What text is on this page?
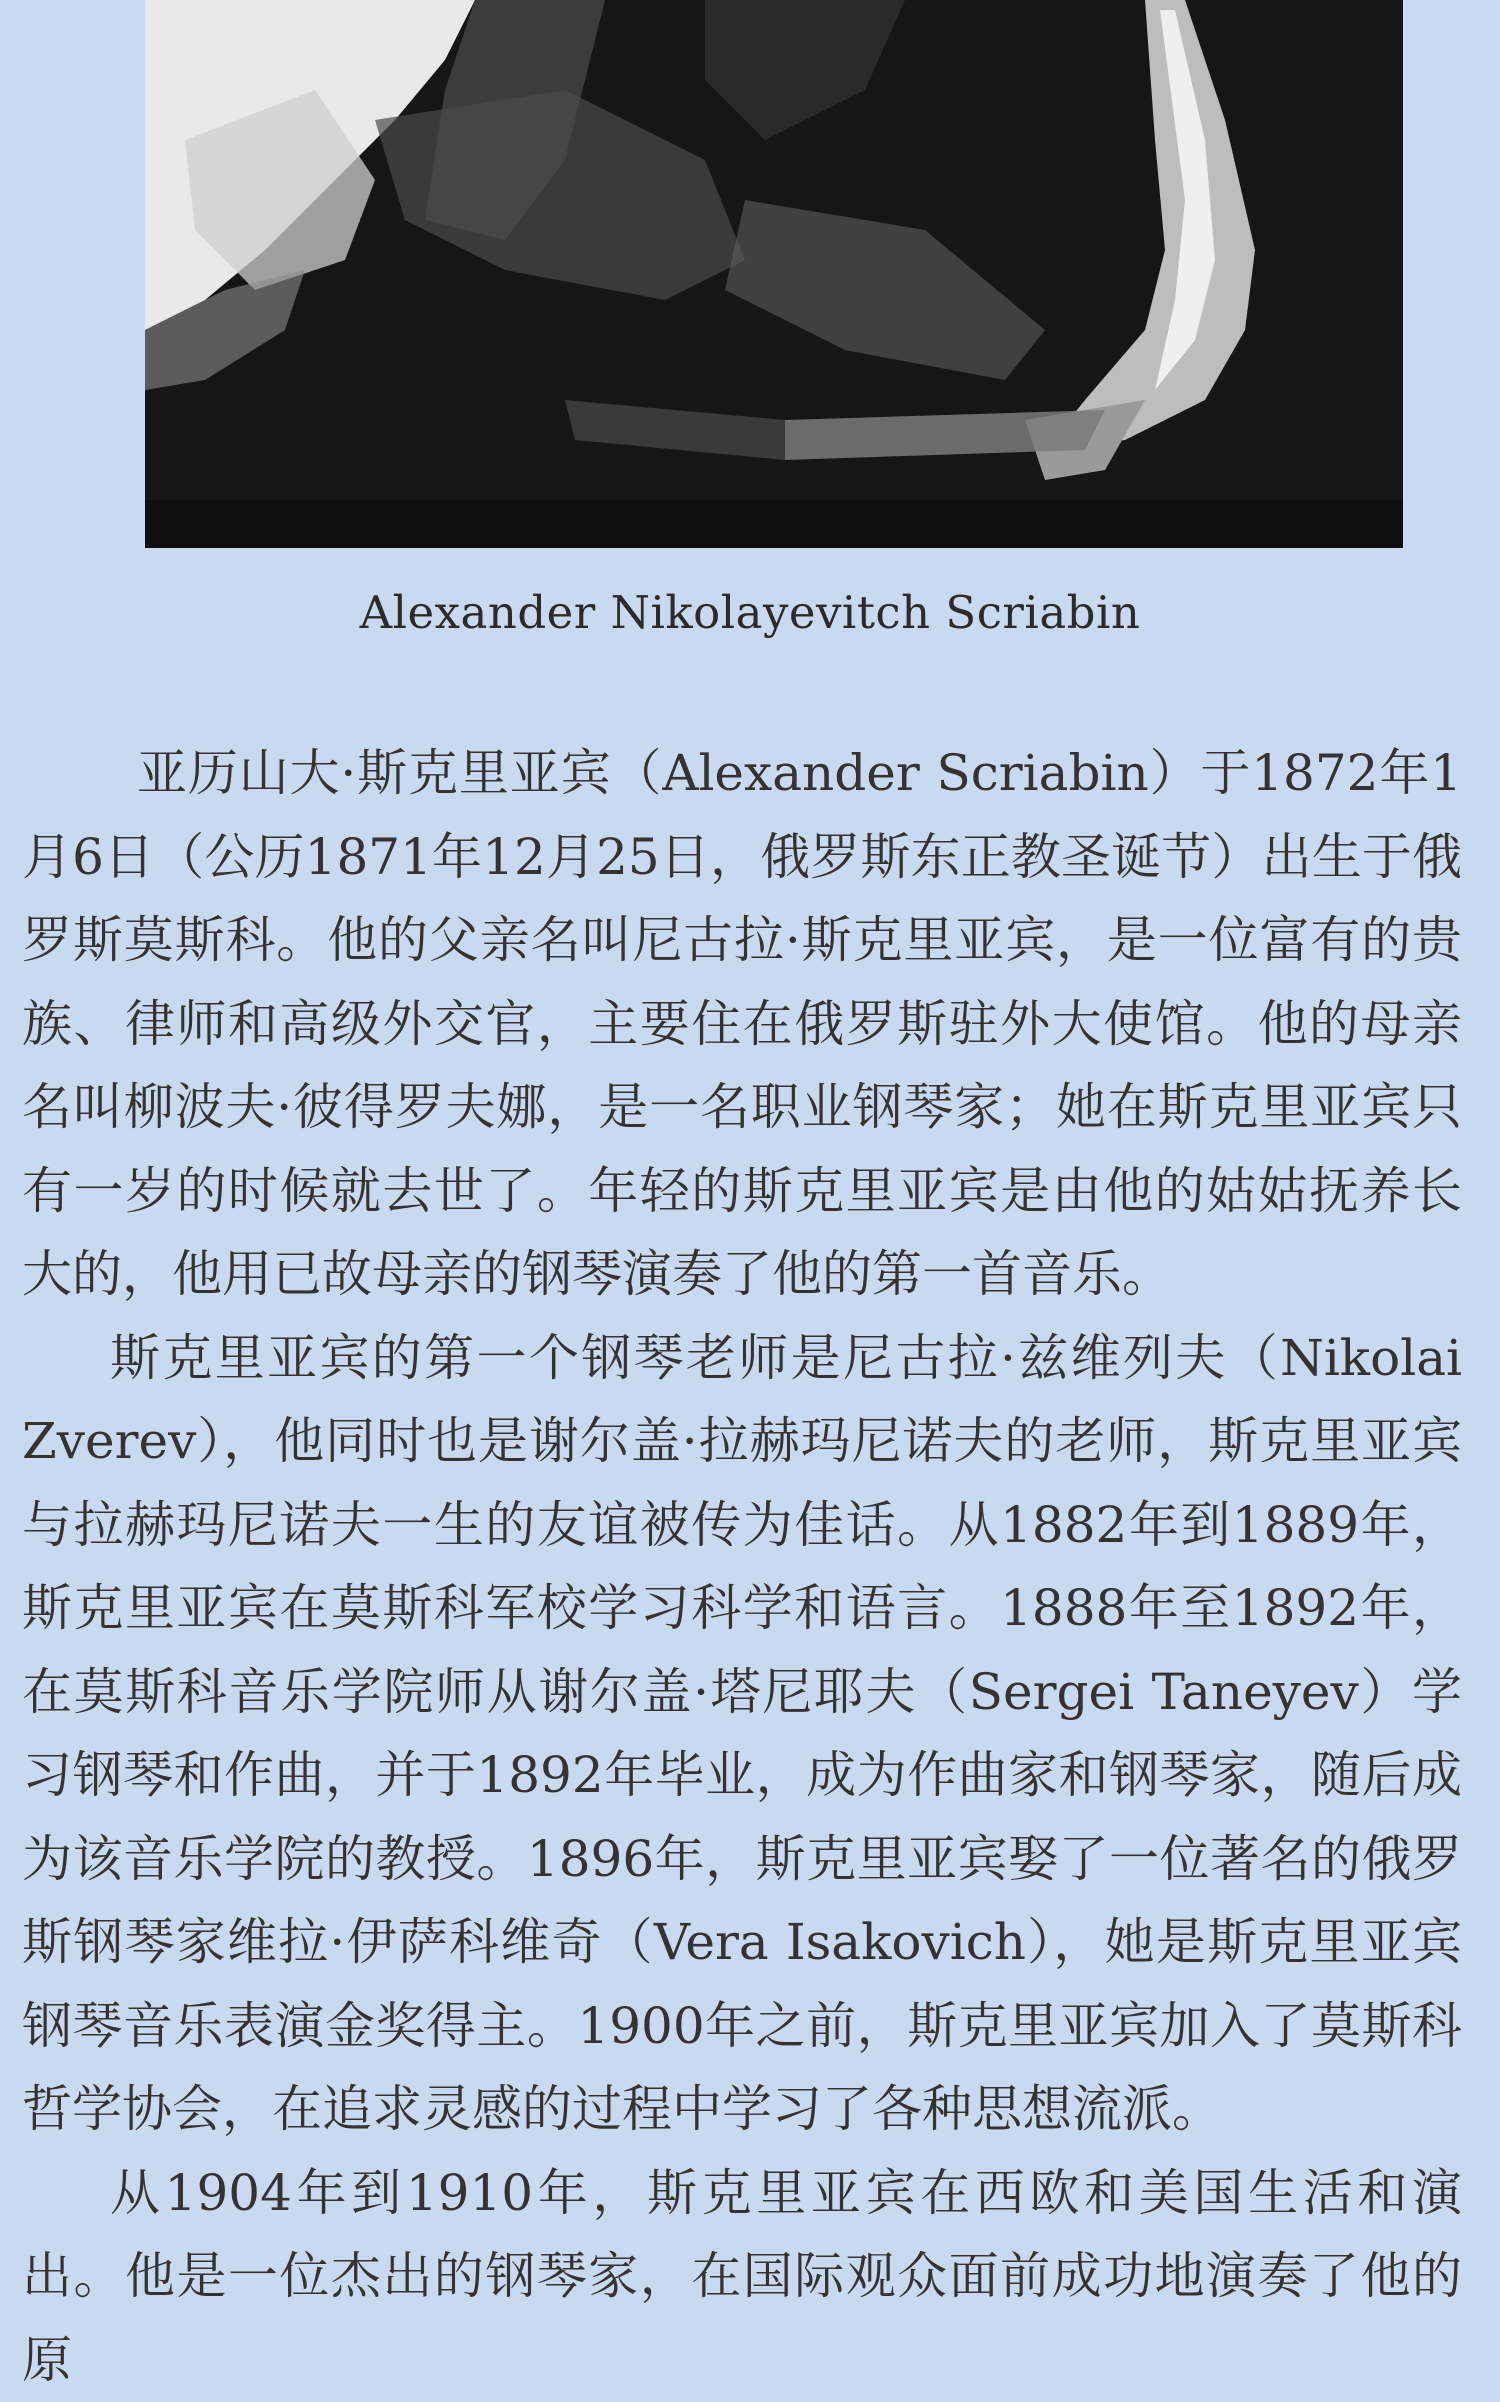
Alexander Nikolayevitch Scriabin

亚历山大·斯克里亚宾（Alexander Scriabin）于1872年1月6日（公历1871年12月25日，俄罗斯东正教圣诞节）出生于俄罗斯莫斯科。他的父亲名叫尼古拉·斯克里亚宾，是一位富有的贵族、律师和高级外交官，主要住在俄罗斯驻外大使馆。他的母亲名叫柳波夫·彼得罗夫娜，是一名职业钢琴家；她在斯克里亚宾只有一岁的时候就去世了。年轻的斯克里亚宾是由他的姑姑抚养长大的，他用已故母亲的钢琴演奏了他的第一首音乐。

斯克里亚宾的第一个钢琴老师是尼古拉·兹维列夫（Nikolai Zverev），他同时也是谢尔盖·拉赫玛尼诺夫的老师，斯克里亚宾与拉赫玛尼诺夫一生的友谊被传为佳话。从1882年到1889年，斯克里亚宾在莫斯科军校学习科学和语言。1888年至1892年，在莫斯科音乐学院师从谢尔盖·塔尼耶夫（Sergei Taneyev）学习钢琴和作曲，并于1892年毕业，成为作曲家和钢琴家，随后成为该音乐学院的教授。1896年，斯克里亚宾娶了一位著名的俄罗斯钢琴家维拉·伊萨科维奇（Vera Isakovich），她是斯克里亚宾钢琴音乐表演金奖得主。1900年之前，斯克里亚宾加入了莫斯科哲学协会，在追求灵感的过程中学习了各种思想流派。

从1904年到1910年，斯克里亚宾在西欧和美国生活和演出。他是一位杰出的钢琴家，在国际观众面前成功地演奏了他的原
